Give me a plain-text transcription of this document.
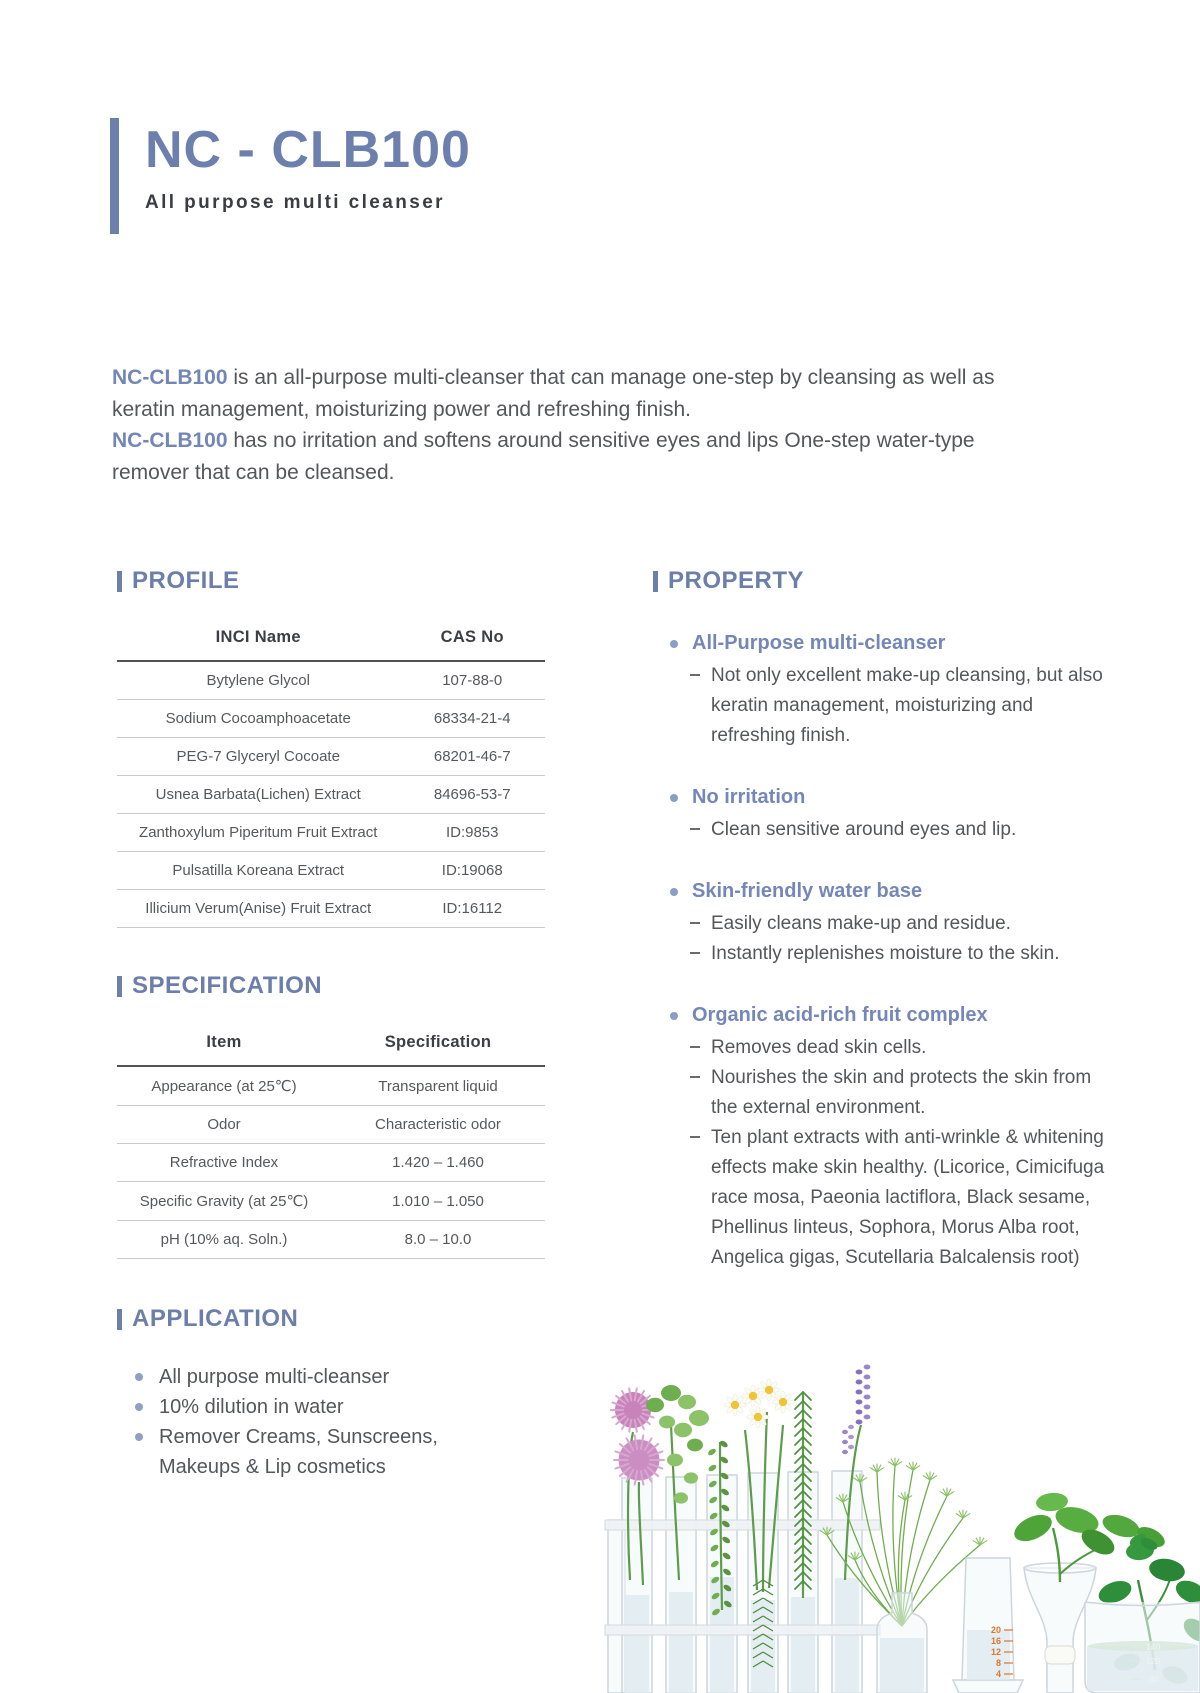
NC - CLB100
All purpose multi cleanser

NC-CLB100 is an all-purpose multi-cleanser that can manage one-step by cleansing as well as keratin management, moisturizing power and refreshing finish.

NC-CLB100 has no irritation and softens around sensitive eyes and lips One-step water-type remover that can be cleansed.

PROFILE
INCI Name	CAS No
Bytylene Glycol	107-88-0
Sodium Cocoamphoacetate	68334-21-4
PEG-7 Glyceryl Cocoate	68201-46-7
Usnea Barbata(Lichen) Extract	84696-53-7
Zanthoxylum Piperitum Fruit Extract	ID:9853
Pulsatilla Koreana Extract	ID:19068
Illicium Verum(Anise) Fruit Extract	ID:16112
SPECIFICATION
Item	Specification
Appearance (at 25℃)	Transparent liquid
Odor	Characteristic odor
Refractive Index	1.420 – 1.460
Specific Gravity (at 25℃)	1.010 – 1.050
pH (10% aq. Soln.)	8.0 – 10.0
APPLICATION
All purpose multi-cleanser
10% dilution in water
Remover Creams, Sunscreens, Makeups & Lip cosmetics
PROPERTY
All-Purpose multi-cleanser
Not only excellent make-up cleansing, but also keratin management, moisturizing and refreshing finish.
No irritation
Clean sensitive around eyes and lip.
Skin-friendly water base
Easily cleans make-up and residue.
Instantly replenishes moisture to the skin.
Organic acid-rich fruit complex
Removes dead skin cells.
Nourishes the skin and protects the skin from the external environment.
Ten plant extracts with anti-wrinkle & whitening effects make skin healthy. (Licorice, Cimicifuga race mosa, Paeonia lactiflora, Black sesame, Phellinus linteus, Sophora, Morus Alba root, Angelica gigas, Scutellaria Balcalensis root)
20
16
12
8
4
140
120
80
